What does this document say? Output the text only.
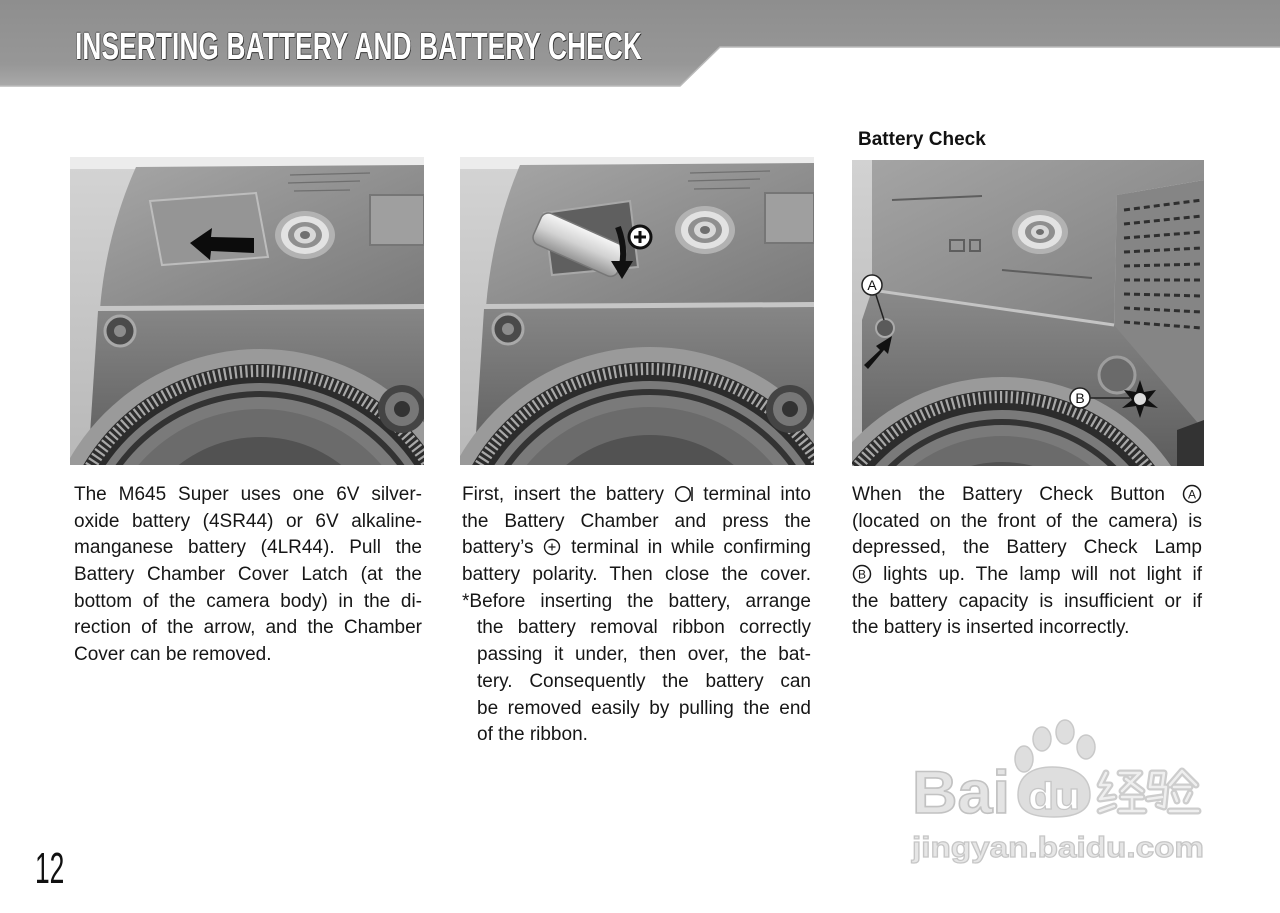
INSERTING BATTERY AND BATTERY CHECK
Battery Check
A
B
The M645 Super uses one 6V silver-
oxide battery (4SR44) or 6V alkaline-
manganese battery (4LR44). Pull the
Battery Chamber Cover Latch (at the
bottom of the camera body) in the di-
rection of the arrow, and the Chamber
Cover can be removed.
First, insert the battery terminal into
the Battery Chamber and press the
battery’s terminal in while confirming
battery polarity. Then close the cover.
*Before inserting the battery, arrange
the battery removal ribbon correctly
passing it under, then over, the bat-
tery. Consequently the battery can
be removed easily by pulling the end
of the ribbon.
When the Battery Check Button A
(located on the front of the camera) is
depressed, the Battery Check Lamp
B lights up. The lamp will not light if
the battery capacity is insufficient or if
the battery is inserted incorrectly.
12
Bai du
jingyan.baidu.com
